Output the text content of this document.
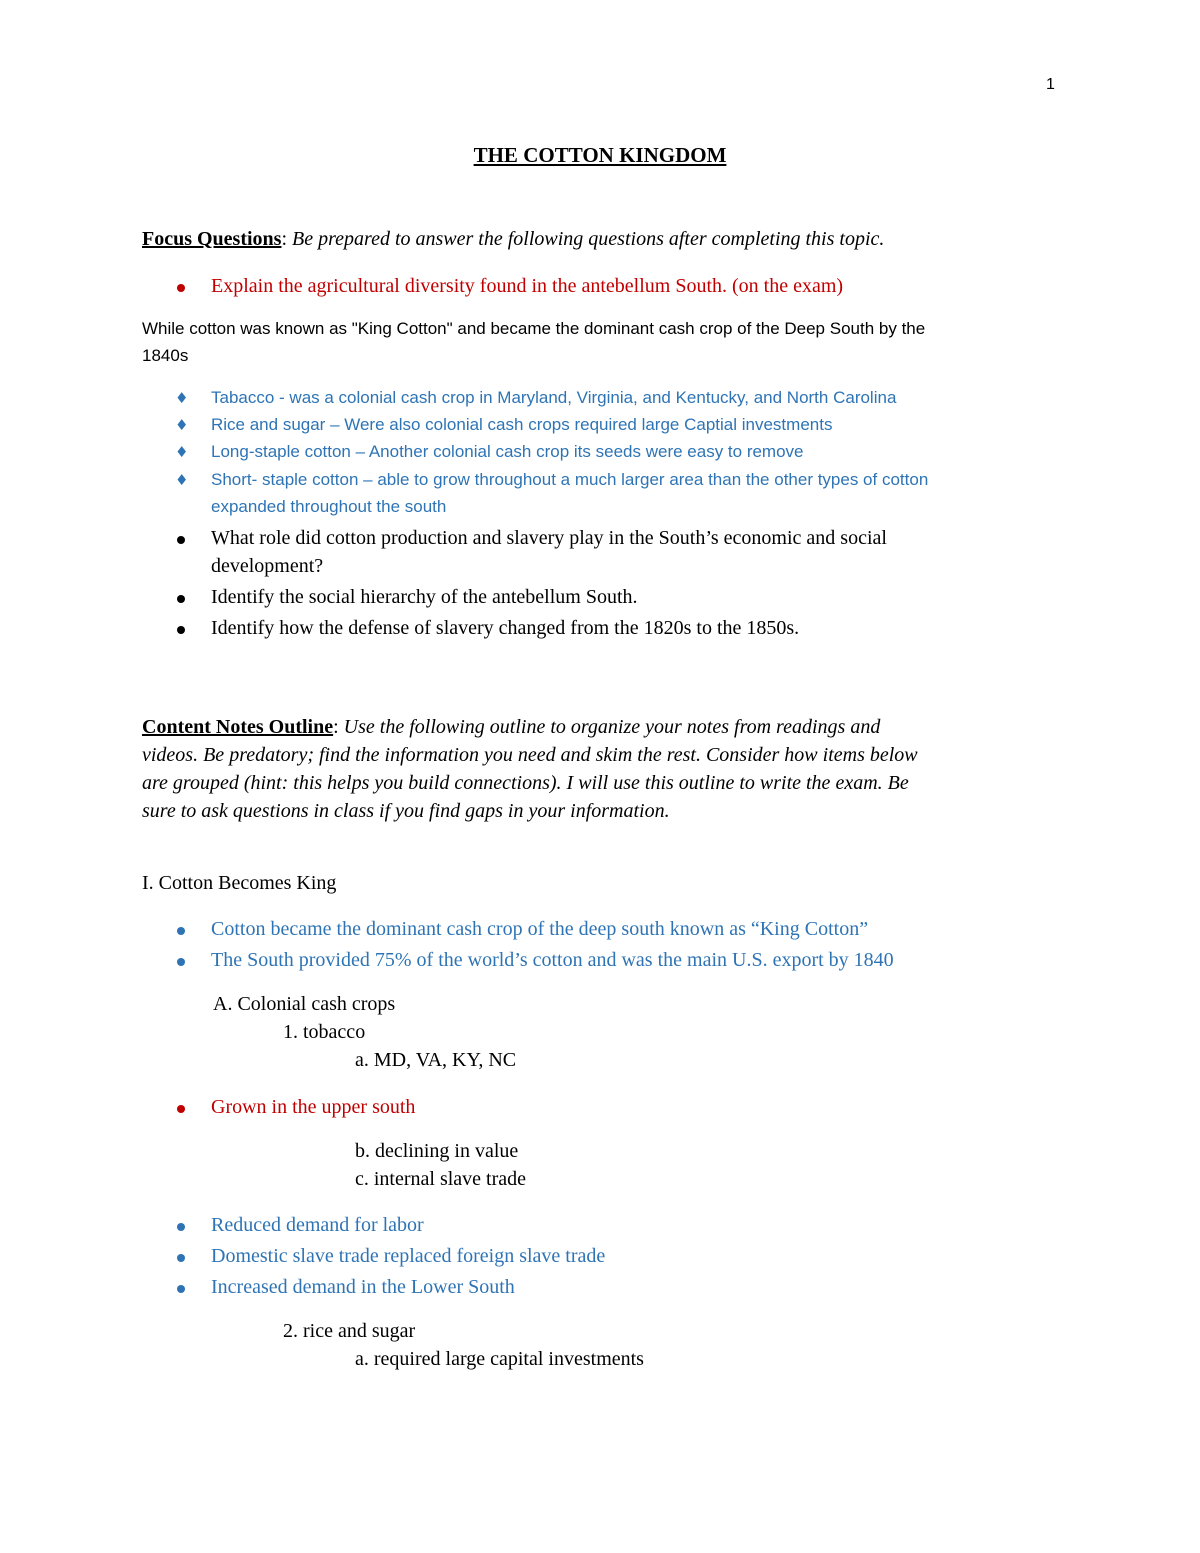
1
THE COTTON KINGDOM
Focus Questions: Be prepared to answer the following questions after completing this topic.
Explain the agricultural diversity found in the antebellum South. (on the exam)
While cotton was known as "King Cotton" and became the dominant cash crop of the Deep South by the
1840s
♦ Tabacco - was a colonial cash crop in Maryland, Virginia, and Kentucky, and North Carolina
♦ Rice and sugar – Were also colonial cash crops required large Captial investments
♦ Long-staple cotton – Another colonial cash crop its seeds were easy to remove
♦ Short- staple cotton – able to grow throughout a much larger area than the other types of cotton
expanded throughout the south
What role did cotton production and slavery play in the South’s economic and social
development?
Identify the social hierarchy of the antebellum South.
Identify how the defense of slavery changed from the 1820s to the 1850s.
Content Notes Outline: Use the following outline to organize your notes from readings and
videos. Be predatory; find the information you need and skim the rest. Consider how items below
are grouped (hint: this helps you build connections). I will use this outline to write the exam. Be
sure to ask questions in class if you find gaps in your information.
I. Cotton Becomes King
Cotton became the dominant cash crop of the deep south known as “King Cotton”
The South provided 75% of the world’s cotton and was the main U.S. export by 1840
A. Colonial cash crops
1. tobacco
a. MD, VA, KY, NC
Grown in the upper south
b. declining in value
c. internal slave trade
Reduced demand for labor
Domestic slave trade replaced foreign slave trade
Increased demand in the Lower South
2. rice and sugar
a. required large capital investments
